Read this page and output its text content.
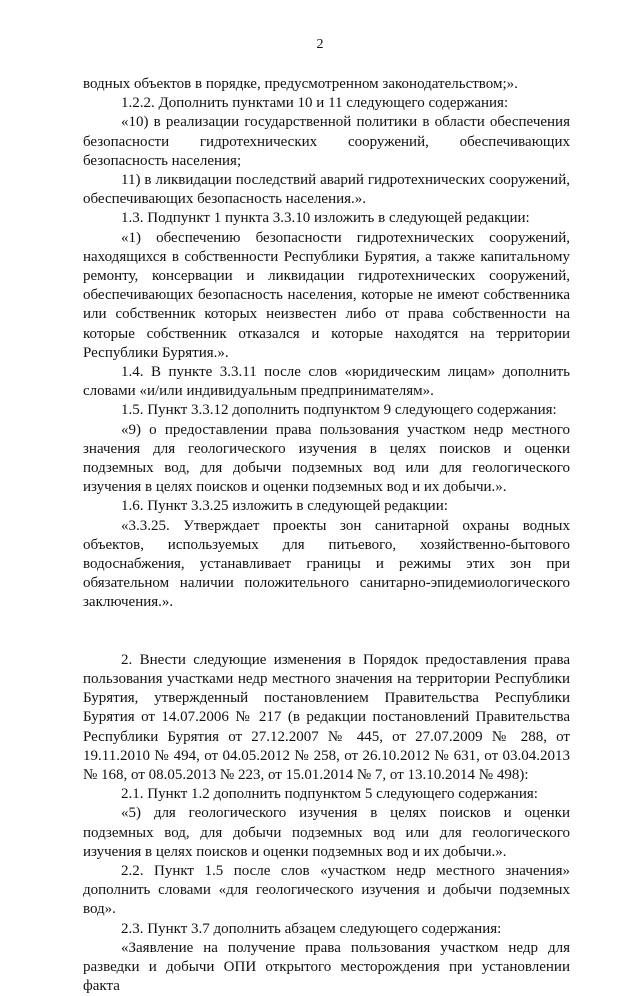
2

водных объектов в порядке, предусмотренном законодательством;».

1.2.2. Дополнить пунктами 10 и 11 следующего содержания:

«10) в реализации государственной политики в области обеспечения безопасности гидротехнических сооружений, обеспечивающих безопасность населения;

11) в ликвидации последствий аварий гидротехнических сооружений, обеспечивающих безопасность населения.».

1.3. Подпункт 1 пункта 3.3.10 изложить в следующей редакции:

«1) обеспечению безопасности гидротехнических сооружений, находящихся в собственности Республики Бурятия, а также капитальному ремонту, консервации и ликвидации гидротехнических сооружений, обеспечивающих безопасность населения, которые не имеют собственника или собственник которых неизвестен либо от права собственности на которые собственник отказался и которые находятся на территории Республики Бурятия.».

1.4. В пункте 3.3.11 после слов «юридическим лицам» дополнить словами «и/или индивидуальным предпринимателям».

1.5. Пункт 3.3.12 дополнить подпунктом 9 следующего содержания:

«9) о предоставлении права пользования участком недр местного значения для геологического изучения в целях поисков и оценки подземных вод, для добычи подземных вод или для геологического изучения в целях поисков и оценки подземных вод и их добычи.».

1.6. Пункт 3.3.25 изложить в следующей редакции:

«3.3.25. Утверждает проекты зон санитарной охраны водных объектов, используемых для питьевого, хозяйственно-бытового водоснабжения, устанавливает границы и режимы этих зон при обязательном наличии положительного санитарно-эпидемиологического заключения.».

2. Внести следующие изменения в Порядок предоставления права пользования участками недр местного значения на территории Республики Бурятия, утвержденный постановлением Правительства Республики Бурятия от 14.07.2006 № 217 (в редакции постановлений Правительства Республики Бурятия от 27.12.2007 № 445, от 27.07.2009 № 288, от 19.11.2010 № 494, от 04.05.2012 № 258, от 26.10.2012 № 631, от 03.04.2013 № 168, от 08.05.2013 № 223, от 15.01.2014 № 7, от 13.10.2014 № 498):

2.1. Пункт 1.2 дополнить подпунктом 5 следующего содержания:

«5) для геологического изучения в целях поисков и оценки подземных вод, для добычи подземных вод или для геологического изучения в целях поисков и оценки подземных вод и их добычи.».

2.2. Пункт 1.5 после слов «участком недр местного значения» дополнить словами «для геологического изучения и добычи подземных вод».

2.3. Пункт 3.7 дополнить абзацем следующего содержания:

«Заявление на получение права пользования участком недр для разведки и добычи ОПИ открытого месторождения при установлении факта
